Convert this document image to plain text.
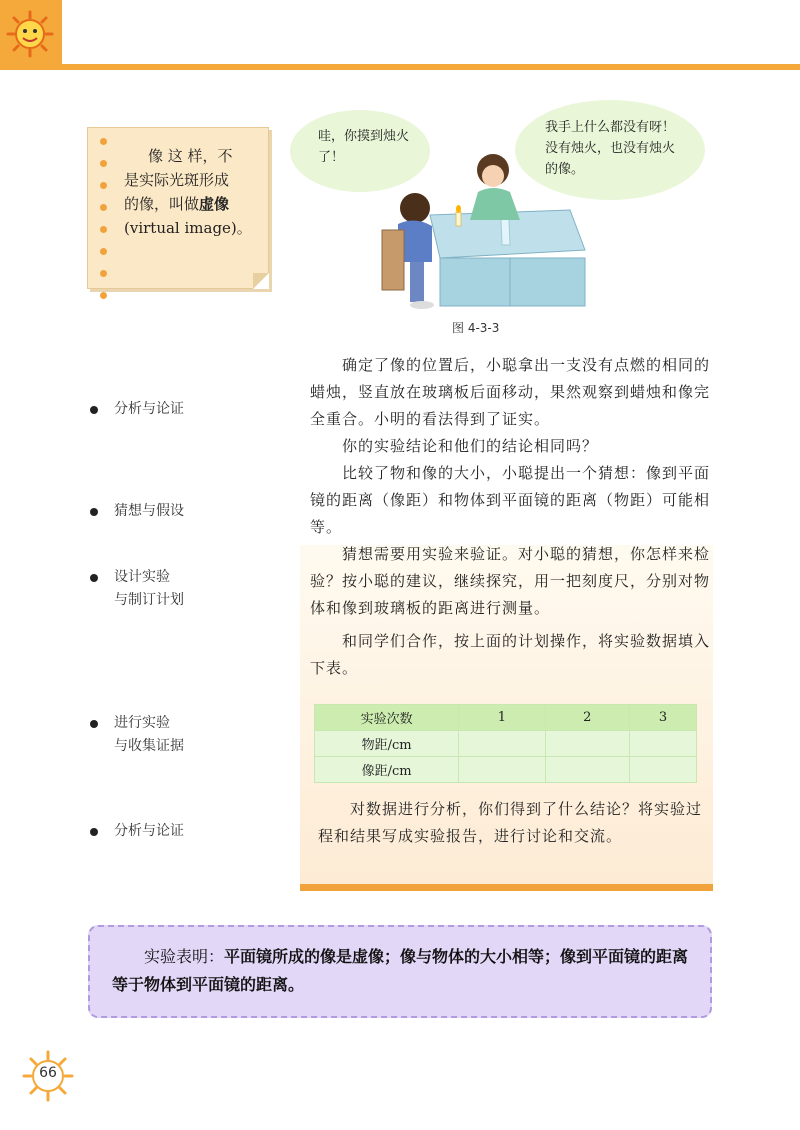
像 这 样，不
是实际光斑形成
的像，叫做虚像
(virtual image)。
哇，你摸到烛火了！
我手上什么都没有呀！没有烛火，也没有烛火的像。
图 4-3-3
分析与论证
猜想与假设
设计实验
与制订计划
进行实验
与收集证据
分析与论证
确定了像的位置后，小聪拿出一支没有点燃的相同的蜡烛，竖直放在玻璃板后面移动，果然观察到蜡烛和像完全重合。小明的看法得到了证实。
你的实验结论和他们的结论相同吗？
比较了物和像的大小，小聪提出一个猜想：像到平面镜的距离（像距）和物体到平面镜的距离（物距）可能相等。
猜想需要用实验来验证。对小聪的猜想，你怎样来检验？按小聪的建议，继续探究，用一把刻度尺，分别对物体和像到玻璃板的距离进行测量。
和同学们合作，按上面的计划操作，将实验数据填入下表。
实验次数	1	2	3
物距/cm			
像距/cm			
对数据进行分析，你们得到了什么结论？将实验过程和结果写成实验报告，进行讨论和交流。
实验表明：平面镜所成的像是虚像；像与物体的大小相等；像到平面镜的距离等于物体到平面镜的距离。
66
